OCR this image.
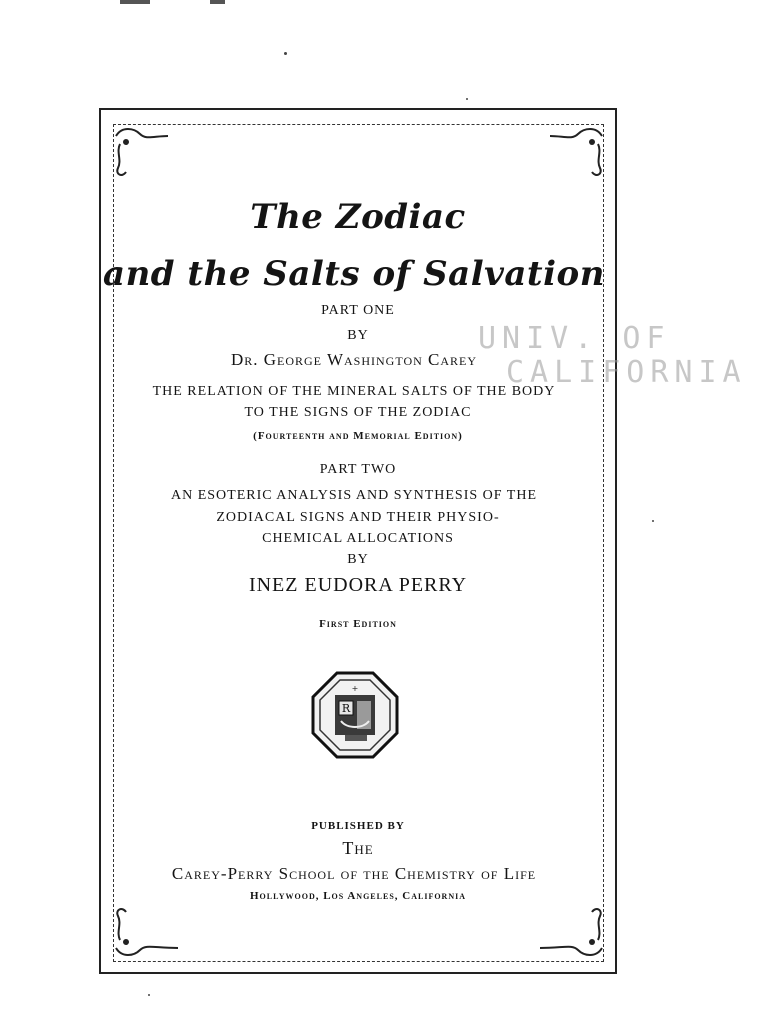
The Zodiac
and the Salts of Salvation
PART ONE
BY
Dr. George Washington Carey
THE RELATION OF THE MINERAL SALTS OF THE BODY
TO THE SIGNS OF THE ZODIAC
(Fourteenth and Memorial Edition)
PART TWO
AN ESOTERIC ANALYSIS AND SYNTHESIS OF THE
ZODIACAL SIGNS AND THEIR PHYSIO-
CHEMICAL ALLOCATIONS
BY
INEZ EUDORA PERRY
First Edition
R
+
PUBLISHED BY
The
Carey-Perry School of the Chemistry of Life
Hollywood, Los Angeles, California
UNIV. OF
CALIFORNIA
